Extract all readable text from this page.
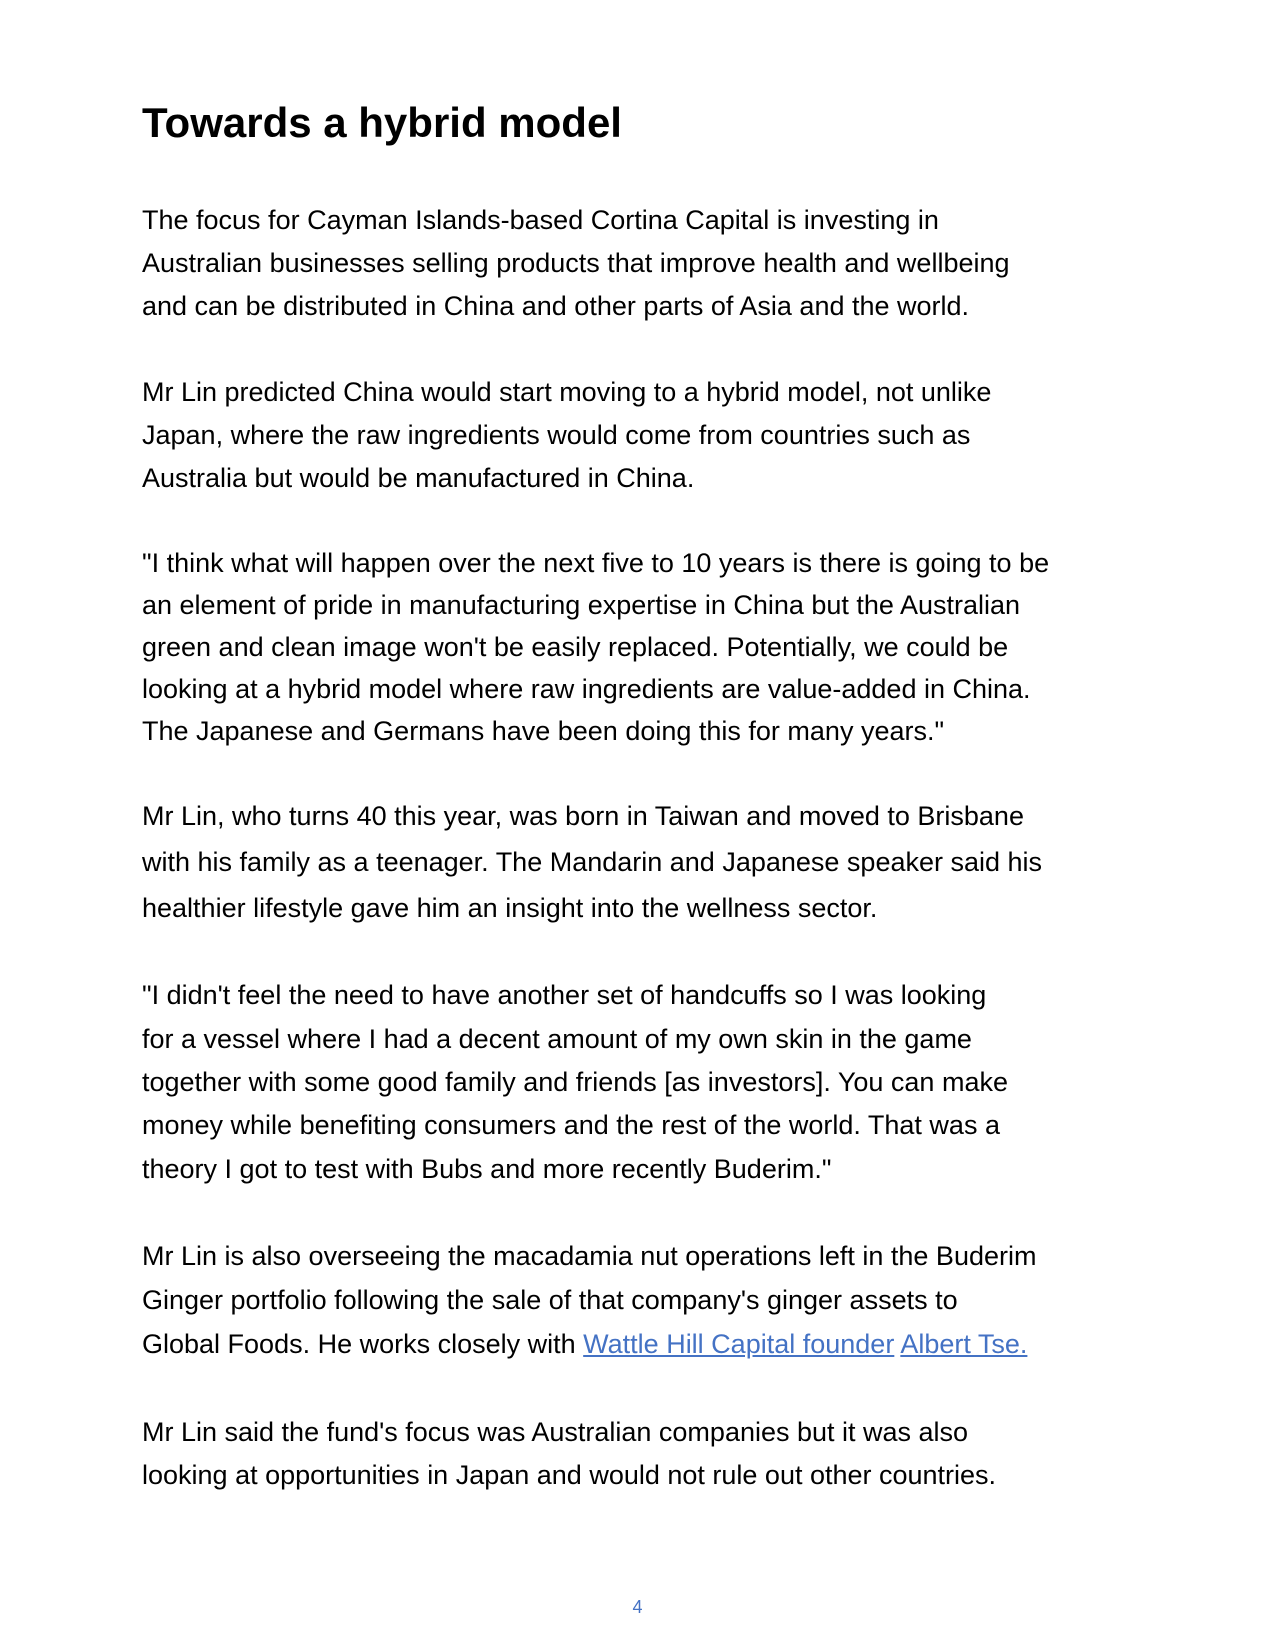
Towards a hybrid model

The focus for Cayman Islands-based Cortina Capital is investing in

Australian businesses selling products that improve health and wellbeing

and can be distributed in China and other parts of Asia and the world.

Mr Lin predicted China would start moving to a hybrid model, not unlike

Japan, where the raw ingredients would come from countries such as

Australia but would be manufactured in China.

"I think what will happen over the next five to 10 years is there is going to be

an element of pride in manufacturing expertise in China but the Australian

green and clean image won't be easily replaced. Potentially, we could be

looking at a hybrid model where raw ingredients are value-added in China.

The Japanese and Germans have been doing this for many years."

Mr Lin, who turns 40 this year, was born in Taiwan and moved to Brisbane

with his family as a teenager. The Mandarin and Japanese speaker said his

healthier lifestyle gave him an insight into the wellness sector.

"I didn't feel the need to have another set of handcuffs so I was looking

for a vessel where I had a decent amount of my own skin in the game

together with some good family and friends [as investors]. You can make

money while benefiting consumers and the rest of the world. That was a

theory I got to test with Bubs and more recently Buderim."

Mr Lin is also overseeing the macadamia nut operations left in the Buderim

Ginger portfolio following the sale of that company's ginger assets to

Global Foods. He works closely with Wattle Hill Capital founder Albert Tse.

Mr Lin said the fund's focus was Australian companies but it was also

looking at opportunities in Japan and would not rule out other countries.

4
